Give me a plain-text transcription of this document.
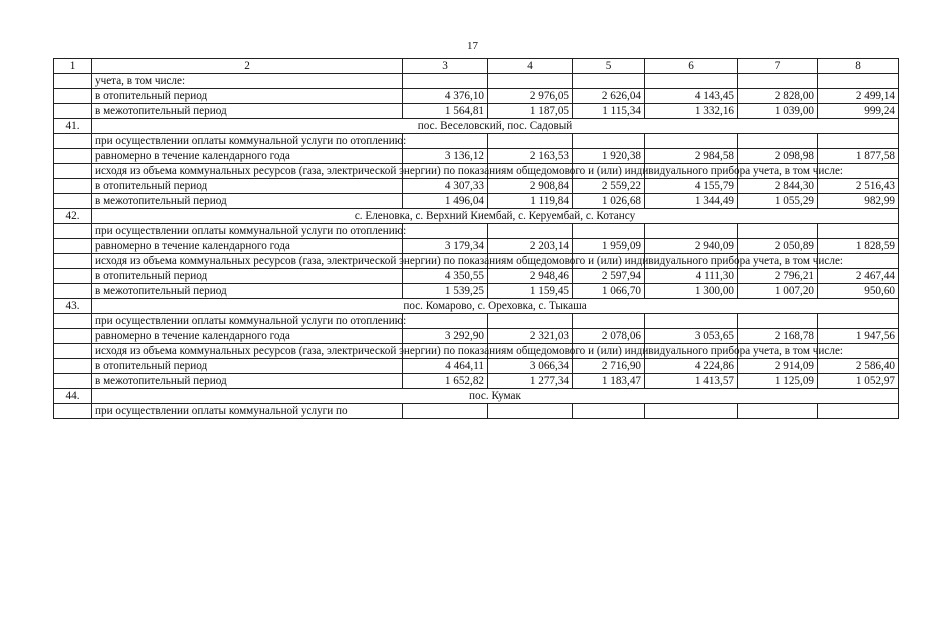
17
1	2	3	4	5	6	7	8
	учета, в том числе:						
	в отопительный период	4 376,10	2 976,05	2 626,04	4 143,45	2 828,00	2 499,14
	в межотопительный период	1 564,81	1 187,05	1 115,34	1 332,16	1 039,00	999,24
41.	пос. Веселовский, пос. Садовый						
	при осуществлении оплаты коммунальной услуги по отоплению:						
	равномерно в течение календарного года	3 136,12	2 163,53	1 920,38	2 984,58	2 098,98	1 877,58
	исходя из объема коммунальных ресурсов (газа, электрической энергии) по показаниям общедомового и (или) индивидуального прибора учета, в том числе:						
	в отопительный период	4 307,33	2 908,84	2 559,22	4 155,79	2 844,30	2 516,43
	в межотопительный период	1 496,04	1 119,84	1 026,68	1 344,49	1 055,29	982,99
42.	с. Еленовка, с. Верхний Киембай, с. Керуембай, с. Котансу						
	при осуществлении оплаты коммунальной услуги по отоплению:						
	равномерно в течение календарного года	3 179,34	2 203,14	1 959,09	2 940,09	2 050,89	1 828,59
	исходя из объема коммунальных ресурсов (газа, электрической энергии) по показаниям общедомового и (или) индивидуального прибора учета, в том числе:						
	в отопительный период	4 350,55	2 948,46	2 597,94	4 111,30	2 796,21	2 467,44
	в межотопительный период	1 539,25	1 159,45	1 066,70	1 300,00	1 007,20	950,60
43.	пос. Комарово, с. Ореховка, с. Тыкаша						
	при осуществлении оплаты коммунальной услуги по отоплению:						
	равномерно в течение календарного года	3 292,90	2 321,03	2 078,06	3 053,65	2 168,78	1 947,56
	исходя из объема коммунальных ресурсов (газа, электрической энергии) по показаниям общедомового и (или) индивидуального прибора учета, в том числе:						
	в отопительный период	4 464,11	3 066,34	2 716,90	4 224,86	2 914,09	2 586,40
	в межотопительный период	1 652,82	1 277,34	1 183,47	1 413,57	1 125,09	1 052,97
44.	пос. Кумак						
	при осуществлении оплаты коммунальной услуги по						
